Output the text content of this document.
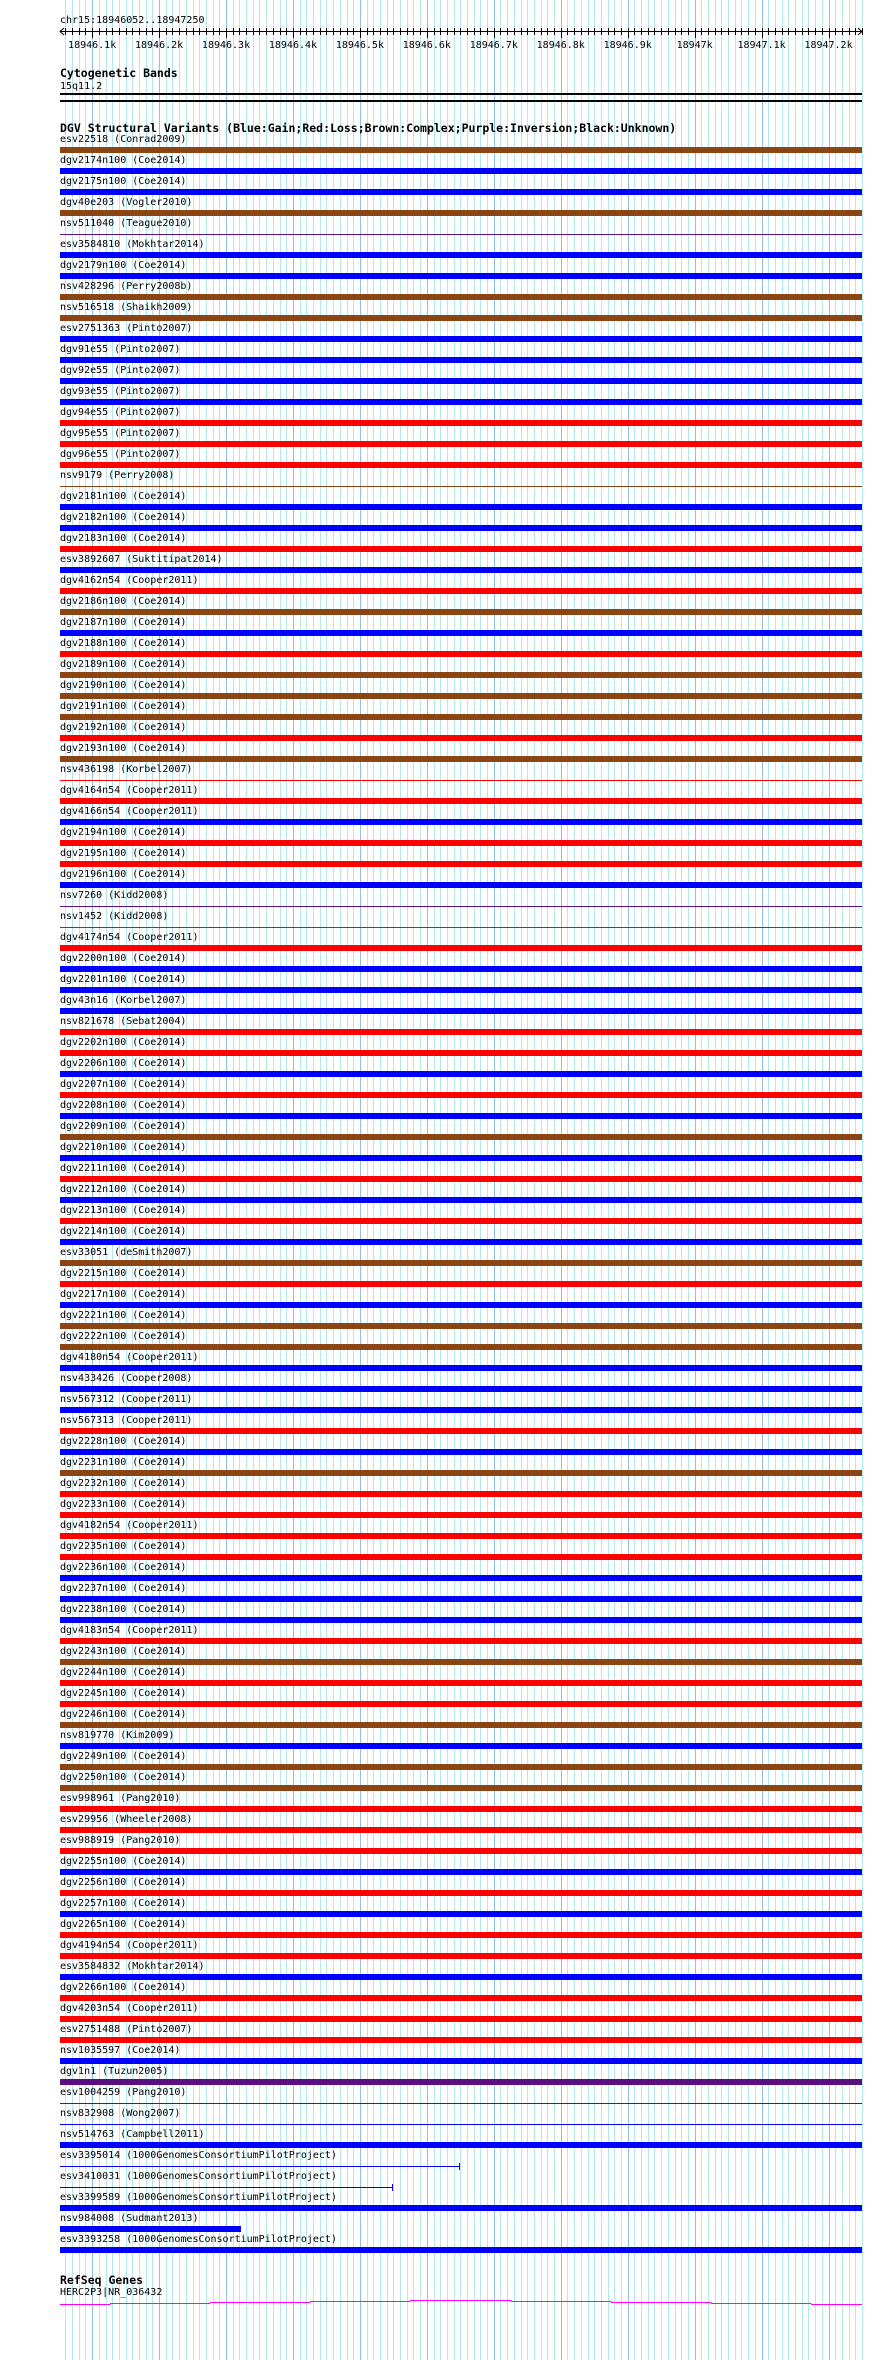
chr15:18946052..18947250
18946.1k 18946.2k 18946.3k 18946.4k 18946.5k 18946.6k 18946.7k 18946.8k 18946.9k 18947k 18947.1k 18947.2k
Cytogenetic Bands
15q11.2
DGV Structural Variants (Blue:Gain;Red:Loss;Brown:Complex;Purple:Inversion;Black:Unknown)
esv22518 (Conrad2009)
dgv2174n100 (Coe2014)
dgv2175n100 (Coe2014)
dgv40e203 (Vogler2010)
nsv511040 (Teague2010)
esv3584810 (Mokhtar2014)
dgv2179n100 (Coe2014)
nsv428296 (Perry2008b)
nsv516518 (Shaikh2009)
esv2751363 (Pinto2007)
dgv91e55 (Pinto2007)
dgv92e55 (Pinto2007)
dgv93e55 (Pinto2007)
dgv94e55 (Pinto2007)
dgv95e55 (Pinto2007)
dgv96e55 (Pinto2007)
nsv9179 (Perry2008)
dgv2181n100 (Coe2014)
dgv2182n100 (Coe2014)
dgv2183n100 (Coe2014)
esv3892607 (Suktitipat2014)
dgv4162n54 (Cooper2011)
dgv2186n100 (Coe2014)
dgv2187n100 (Coe2014)
dgv2188n100 (Coe2014)
dgv2189n100 (Coe2014)
dgv2190n100 (Coe2014)
dgv2191n100 (Coe2014)
dgv2192n100 (Coe2014)
dgv2193n100 (Coe2014)
nsv436198 (Korbel2007)
dgv4164n54 (Cooper2011)
dgv4166n54 (Cooper2011)
dgv2194n100 (Coe2014)
dgv2195n100 (Coe2014)
dgv2196n100 (Coe2014)
nsv7260 (Kidd2008)
nsv1452 (Kidd2008)
dgv4174n54 (Cooper2011)
dgv2200n100 (Coe2014)
dgv2201n100 (Coe2014)
dgv43n16 (Korbel2007)
nsv821678 (Sebat2004)
dgv2202n100 (Coe2014)
dgv2206n100 (Coe2014)
dgv2207n100 (Coe2014)
dgv2208n100 (Coe2014)
dgv2209n100 (Coe2014)
dgv2210n100 (Coe2014)
dgv2211n100 (Coe2014)
dgv2212n100 (Coe2014)
dgv2213n100 (Coe2014)
dgv2214n100 (Coe2014)
esv33051 (deSmith2007)
dgv2215n100 (Coe2014)
dgv2217n100 (Coe2014)
dgv2221n100 (Coe2014)
dgv2222n100 (Coe2014)
dgv4180n54 (Cooper2011)
nsv433426 (Cooper2008)
nsv567312 (Cooper2011)
nsv567313 (Cooper2011)
dgv2228n100 (Coe2014)
dgv2231n100 (Coe2014)
dgv2232n100 (Coe2014)
dgv2233n100 (Coe2014)
dgv4182n54 (Cooper2011)
dgv2235n100 (Coe2014)
dgv2236n100 (Coe2014)
dgv2237n100 (Coe2014)
dgv2238n100 (Coe2014)
dgv4183n54 (Cooper2011)
dgv2243n100 (Coe2014)
dgv2244n100 (Coe2014)
dgv2245n100 (Coe2014)
dgv2246n100 (Coe2014)
nsv819770 (Kim2009)
dgv2249n100 (Coe2014)
dgv2250n100 (Coe2014)
esv998961 (Pang2010)
esv29956 (Wheeler2008)
esv988919 (Pang2010)
dgv2255n100 (Coe2014)
dgv2256n100 (Coe2014)
dgv2257n100 (Coe2014)
dgv2265n100 (Coe2014)
dgv4194n54 (Cooper2011)
esv3584832 (Mokhtar2014)
dgv2266n100 (Coe2014)
dgv4203n54 (Cooper2011)
esv2751488 (Pinto2007)
nsv1035597 (Coe2014)
dgv1n1 (Tuzun2005)
esv1004259 (Pang2010)
nsv832908 (Wong2007)
nsv514763 (Campbell2011)
esv3395014 (1000GenomesConsortiumPilotProject)
esv3410031 (1000GenomesConsortiumPilotProject)
esv3399589 (1000GenomesConsortiumPilotProject)
nsv984008 (Sudmant2013)
esv3393258 (1000GenomesConsortiumPilotProject)
RefSeq Genes
HERC2P3|NR_036432
